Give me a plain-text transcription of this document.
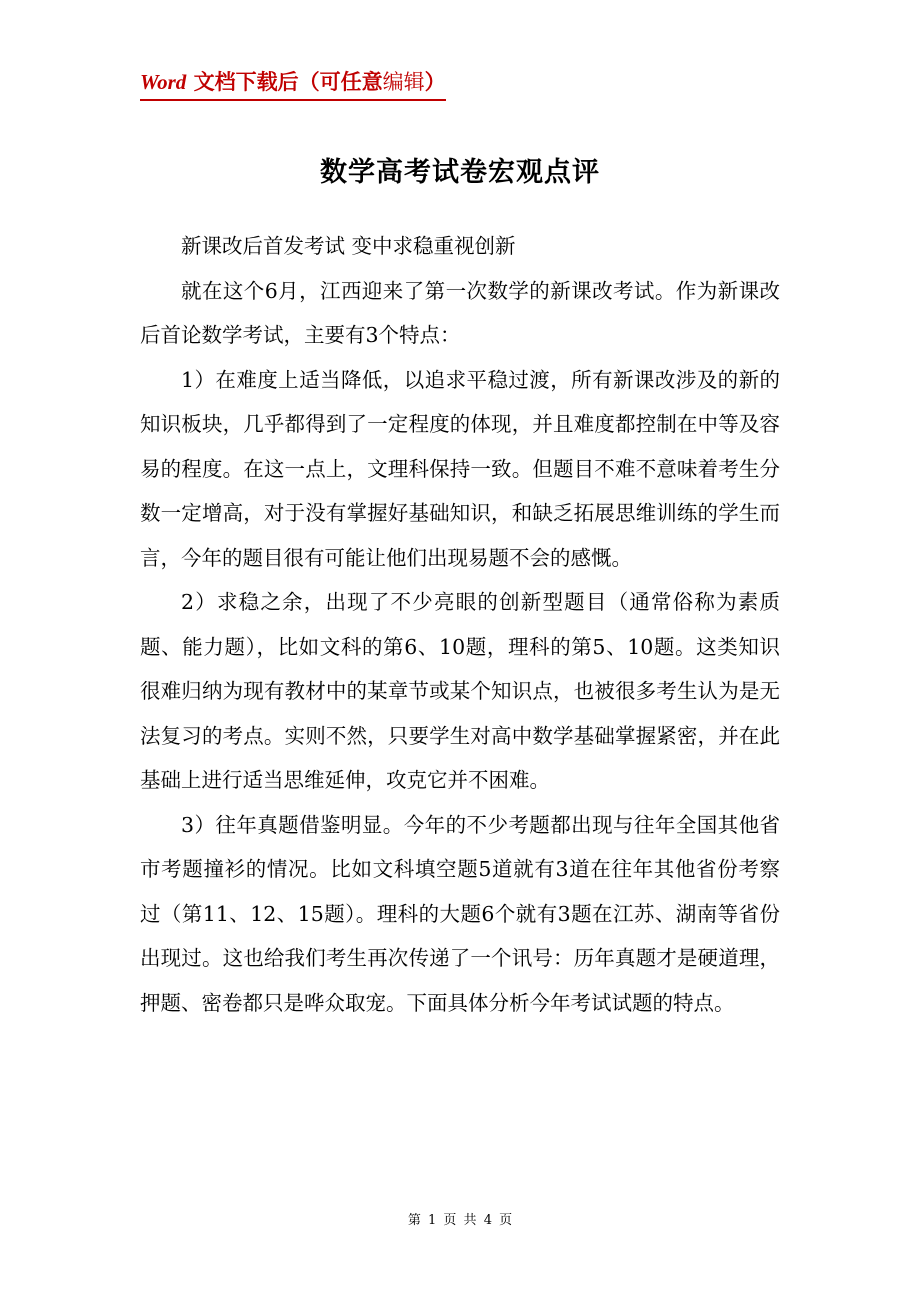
Word 文档下载后（可任意编辑）
数学高考试卷宏观点评

新课改后首发考试 变中求稳重视创新

就在这个6月，江西迎来了第一次数学的新课改考试。作为新课改后首论数学考试，主要有3个特点：

1）在难度上适当降低，以追求平稳过渡，所有新课改涉及的新的知识板块，几乎都得到了一定程度的体现，并且难度都控制在中等及容易的程度。在这一点上，文理科保持一致。但题目不难不意味着考生分数一定增高，对于没有掌握好基础知识，和缺乏拓展思维训练的学生而言，今年的题目很有可能让他们出现易题不会的感慨。

2）求稳之余，出现了不少亮眼的创新型题目（通常俗称为素质题、能力题），比如文科的第6、10题，理科的第5、10题。这类知识很难归纳为现有教材中的某章节或某个知识点，也被很多考生认为是无法复习的考点。实则不然，只要学生对高中数学基础掌握紧密，并在此基础上进行适当思维延伸，攻克它并不困难。

3）往年真题借鉴明显。今年的不少考题都出现与往年全国其他省市考题撞衫的情况。比如文科填空题5道就有3道在往年其他省份考察过（第11、12、15题）。理科的大题6个就有3题在江苏、湖南等省份出现过。这也给我们考生再次传递了一个讯号：历年真题才是硬道理，押题、密卷都只是哗众取宠。下面具体分析今年考试试题的特点。

第 1 页 共 4 页
